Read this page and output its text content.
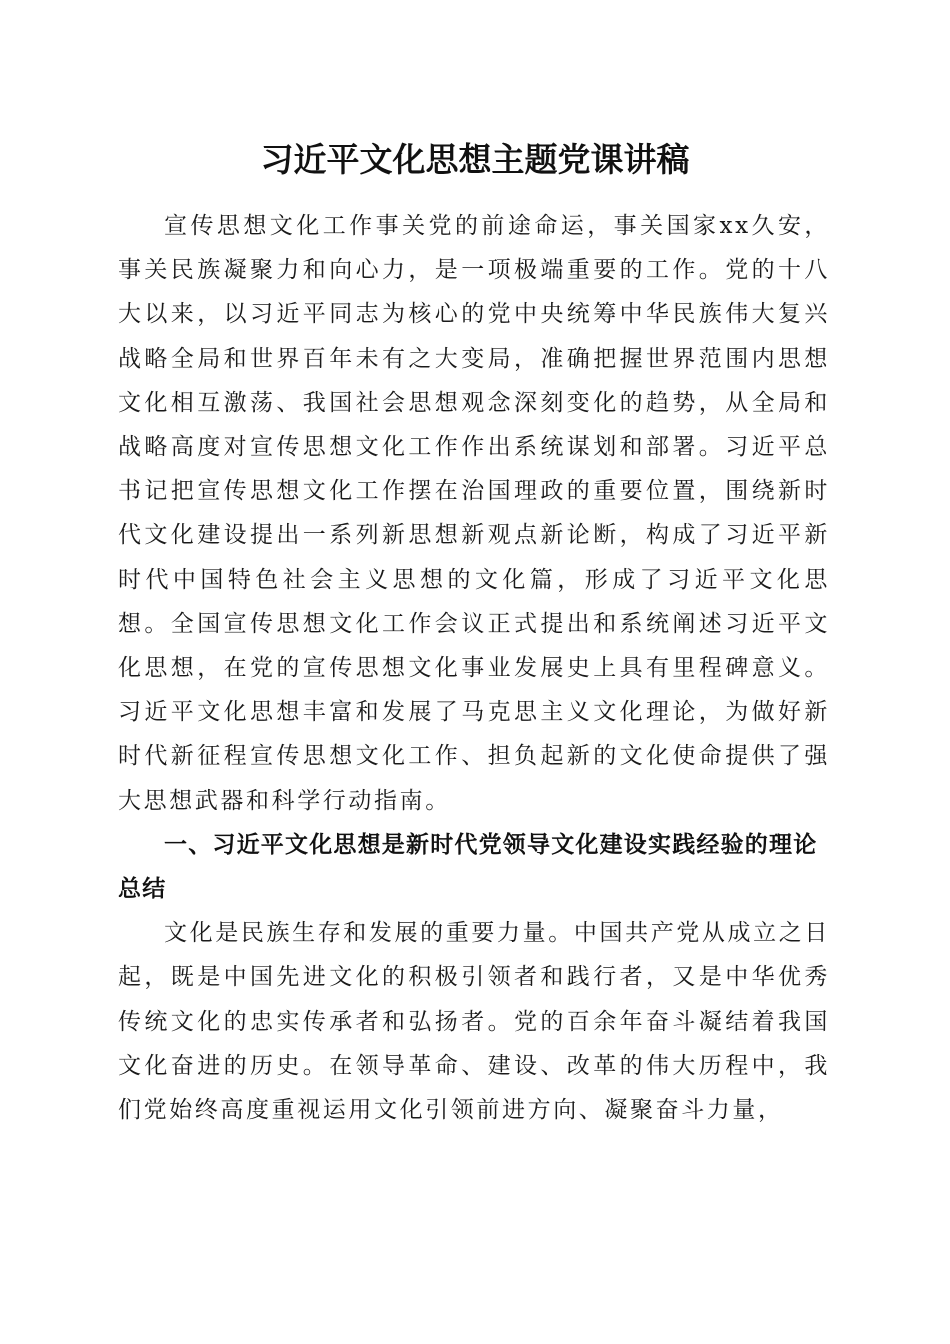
习近平文化思想主题党课讲稿

宣传思想文化工作事关党的前途命运，事关国家xx久安，事关民族凝聚力和向心力，是一项极端重要的工作。党的十八大以来，以习近平同志为核心的党中央统筹中华民族伟大复兴战略全局和世界百年未有之大变局，准确把握世界范围内思想文化相互激荡、我国社会思想观念深刻变化的趋势，从全局和战略高度对宣传思想文化工作作出系统谋划和部署。习近平总书记把宣传思想文化工作摆在治国理政的重要位置，围绕新时代文化建设提出一系列新思想新观点新论断，构成了习近平新时代中国特色社会主义思想的文化篇，形成了习近平文化思想。全国宣传思想文化工作会议正式提出和系统阐述习近平文化思想，在党的宣传思想文化事业发展史上具有里程碑意义。习近平文化思想丰富和发展了马克思主义文化理论，为做好新时代新征程宣传思想文化工作、担负起新的文化使命提供了强大思想武器和科学行动指南。

一、习近平文化思想是新时代党领导文化建设实践经验的理论总结

文化是民族生存和发展的重要力量。中国共产党从成立之日起，既是中国先进文化的积极引领者和践行者，又是中华优秀传统文化的忠实传承者和弘扬者。党的百余年奋斗凝结着我国文化奋进的历史。在领导革命、建设、改革的伟大历程中，我们党始终高度重视运用文化引领前进方向、凝聚奋斗力量，
